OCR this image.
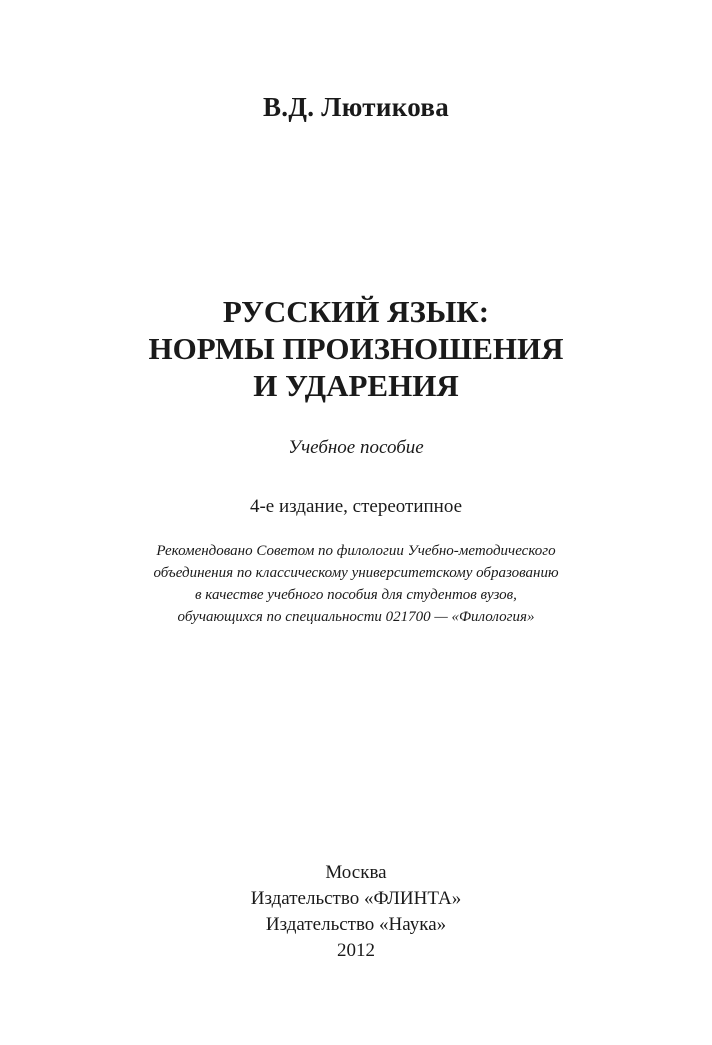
В.Д. Лютикова
РУССКИЙ ЯЗЫК:
НОРМЫ ПРОИЗНОШЕНИЯ
И УДАРЕНИЯ
Учебное пособие
4-е издание, стереотипное
Рекомендовано Советом по филологии Учебно-методического
объединения по классическому университетскому образованию
в качестве учебного пособия для студентов вузов,
обучающихся по специальности 021700 — «Филология»
Москва
Издательство «ФЛИНТА»
Издательство «Наука»
2012
